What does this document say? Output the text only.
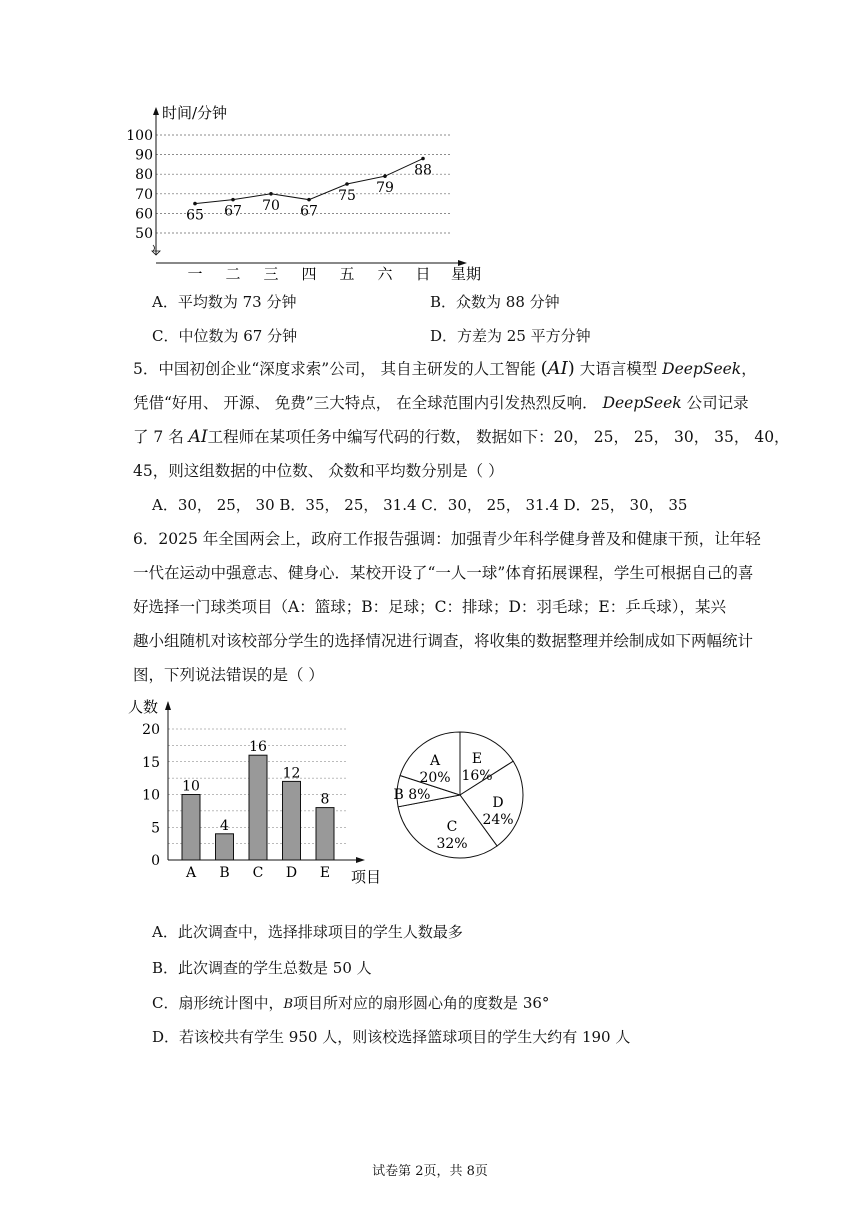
50
60
70
80
90
100
一 二 三 四 五 六 日
65 67 70 67
75 79
88
时间/分钟
星期
A．平均数为 73 分钟	B．众数为 88 分钟
C．中位数为 67 分钟	D．方差为 25 平方分钟
5．中国初创企业“深度求索”公司， 其自主研发的人工智能 (AI) 大语言模型 DeepSeek，
凭借“好用、 开源、 免费”三大特点， 在全球范围内引发热烈反响． DeepSeek 公司记录
了 7 名 AI工程师在某项任务中编写代码的行数， 数据如下：20， 25， 25， 30， 35， 40，
45，则这组数据的中位数、 众数和平均数分别是（ ）
A．30， 25， 30 B．35， 25， 31.4 C．30， 25， 31.4 D．25， 30， 35
6．2025 年全国两会上，政府工作报告强调：加强青少年科学健身普及和健康干预，让年轻
一代在运动中强意志、健身心．某校开设了“一人一球”体育拓展课程，学生可根据自己的喜
好选择一门球类项目（A：篮球；B：足球；C：排球；D：羽毛球；E：乒乓球），某兴
趣小组随机对该校部分学生的选择情况进行调查，将收集的数据整理并绘制成如下两幅统计
图，下列说法错误的是（ ）
0
5
10
15
20
10
4
16
12
8
A B C D E
人数
项目
E
16%
D
24%
C
32%
B 8%
A
20%
A．此次调查中，选择排球项目的学生人数最多
B．此次调查的学生总数是 50 人
C．扇形统计图中，B项目所对应的扇形圆心角的度数是 36°
D．若该校共有学生 950 人，则该校选择篮球项目的学生大约有 190 人
试卷第 2页，共 8页
